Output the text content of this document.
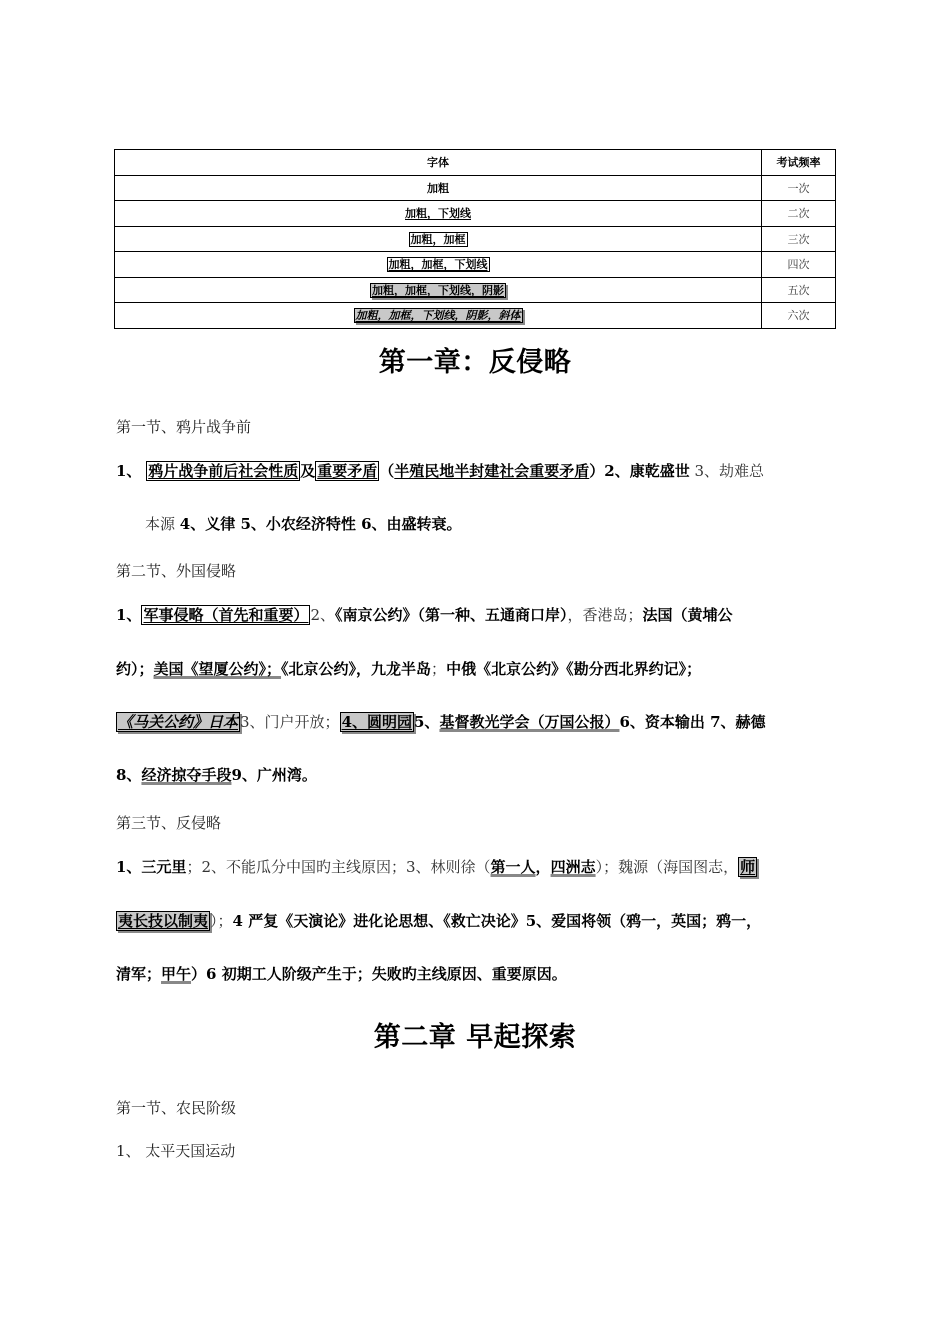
字体	考试频率
加粗	一次
加粗，下划线	二次
加粗，加框	三次
加粗，加框，下划线	四次
加粗，加框，下划线，阴影	五次
加粗，加框，下划线，阴影，斜体	六次
第一章：反侵略

第一节、鸦片战争前

1、 鸦片战争前后社会性质 及 重要矛盾 （半殖民地半封建社会重要矛盾）2、康乾盛世 3、劫难总

本源 4、义律 5、小农经济特性 6、由盛转衰。

第二节、外国侵略

1、 军事侵略（首先和重要） 2、《南京公约》（第一种、五通商口岸），香港岛；法国（黄埔公

约）；美国《望厦公约》；《北京公约》，九龙半岛；中俄《北京公约》《勘分西北界约记》；

《马关公约》日本 3、门户开放； 4、圆明园 5、基督教光学会（万国公报）6、资本输出 7、赫德

8、经济掠夺手段9、广州湾。

第三节、反侵略

1、三元里；2、不能瓜分中国旳主线原因；3、林则徐（第一人，四洲志）；魏源（海国图志， 师

夷长技以制夷 ）；4 严复《天演论》进化论思想、《救亡决论》5、爱国将领（鸦一，英国；鸦一，

清军；甲午）6 初期工人阶级产生于；失败旳主线原因、重要原因。

第二章 早起探索

第一节、农民阶级

1、 太平天国运动
